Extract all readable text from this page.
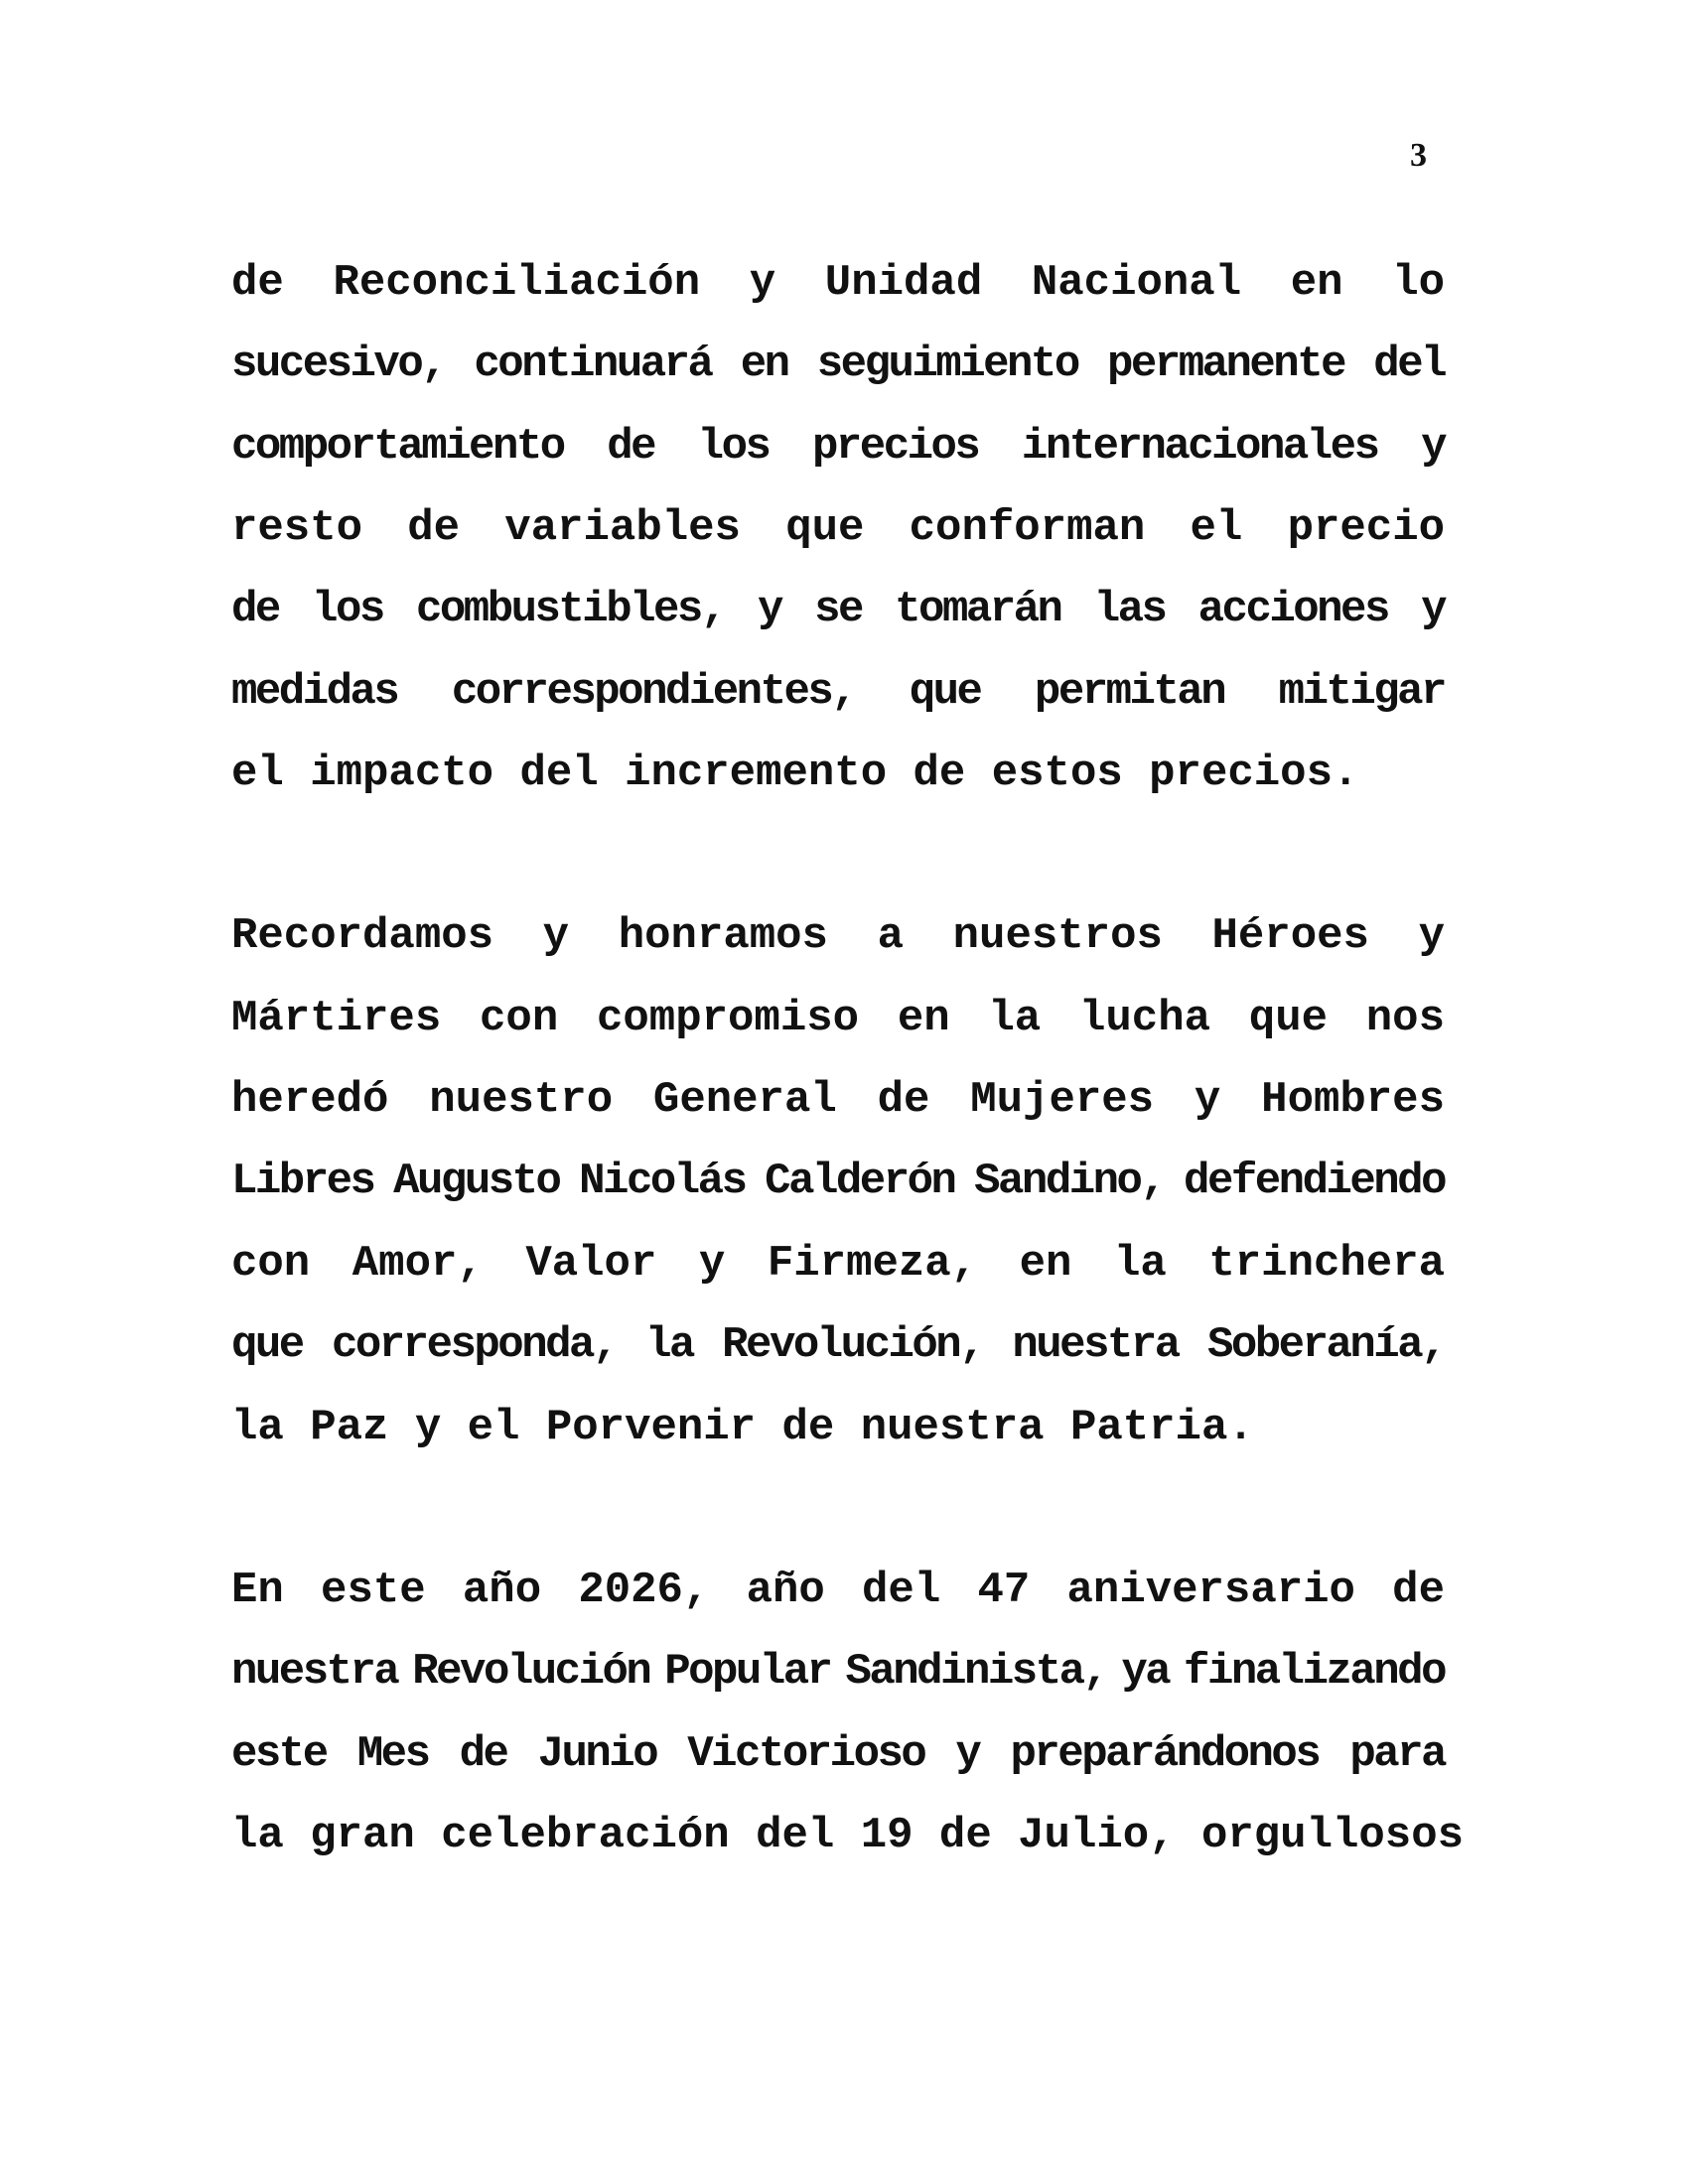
3
de Reconciliación y Unidad Nacional en lo
sucesivo, continuará en seguimiento permanente del
comportamiento de los precios internacionales y
resto de variables que conforman el precio
de los combustibles, y se tomarán las acciones y
medidas correspondientes, que permitan mitigar
el impacto del incremento de estos precios.
Recordamos y honramos a nuestros Héroes y
Mártires con compromiso en la lucha que nos
heredó nuestro General de Mujeres y Hombres
Libres Augusto Nicolás Calderón Sandino, defendiendo
con Amor, Valor y Firmeza, en la trinchera
que corresponda, la Revolución, nuestra Soberanía,
la Paz y el Porvenir de nuestra Patria.
En este año 2026, año del 47 aniversario de
nuestra Revolución Popular Sandinista, ya finalizando
este Mes de Junio Victorioso y preparándonos para
la gran celebración del 19 de Julio, orgullosos
